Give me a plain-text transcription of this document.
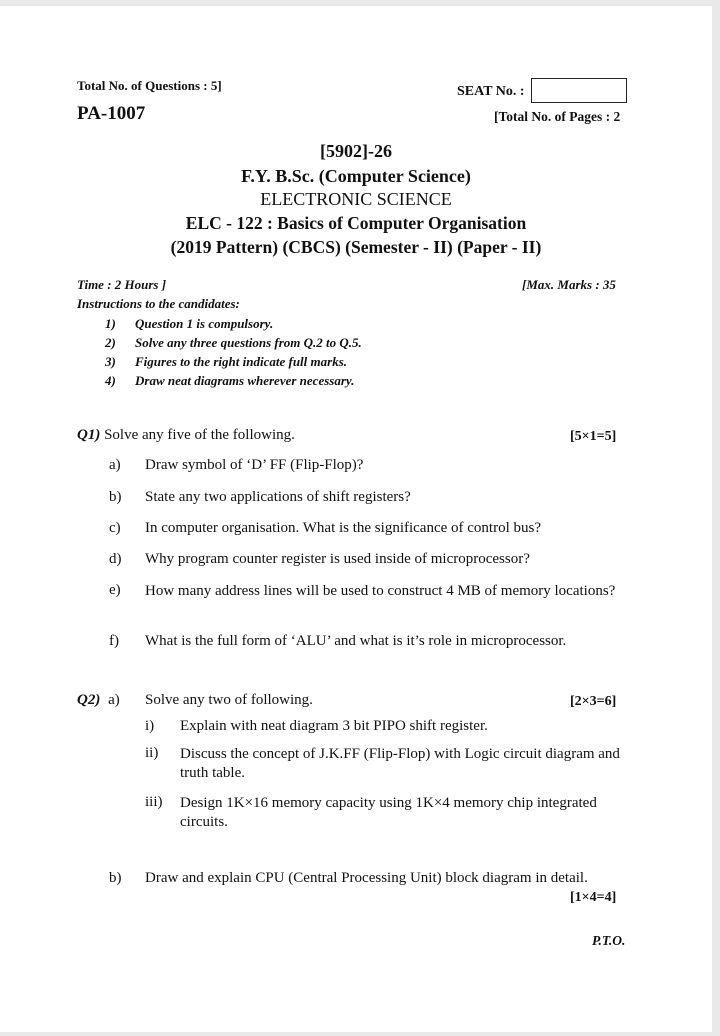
Total No. of Questions : 5]	SEAT No. :
PA-1007	[Total No. of Pages : 2
[5902]-26
F.Y. B.Sc. (Computer Science)
ELECTRONIC SCIENCE
ELC - 122 : Basics of Computer Organisation
(2019 Pattern) (CBCS) (Semester - II) (Paper - II)
Time : 2 Hours ]	[Max. Marks : 35
Instructions to the candidates:
1) Question 1 is compulsory.
2) Solve any three questions from Q.2 to Q.5.
3) Figures to the right indicate full marks.
4) Draw neat diagrams wherever necessary.
Q1) Solve any five of the following.	[5×1=5]
a) Draw symbol of ‘D’ FF (Flip-Flop)?
b) State any two applications of shift registers?
c) In computer organisation. What is the significance of control bus?
d) Why program counter register is used inside of microprocessor?
e) How many address lines will be used to construct 4 MB of memory locations?
f) What is the full form of ‘ALU’ and what is it’s role in microprocessor.
Q2) a) Solve any two of following.	[2×3=6]
i) Explain with neat diagram 3 bit PIPO shift register.
ii) Discuss the concept of J.K.FF (Flip-Flop) with Logic circuit diagram and truth table.
iii) Design 1K×16 memory capacity using 1K×4 memory chip integrated circuits.
b) Draw and explain CPU (Central Processing Unit) block diagram in detail.
[1×4=4]
P.T.O.
